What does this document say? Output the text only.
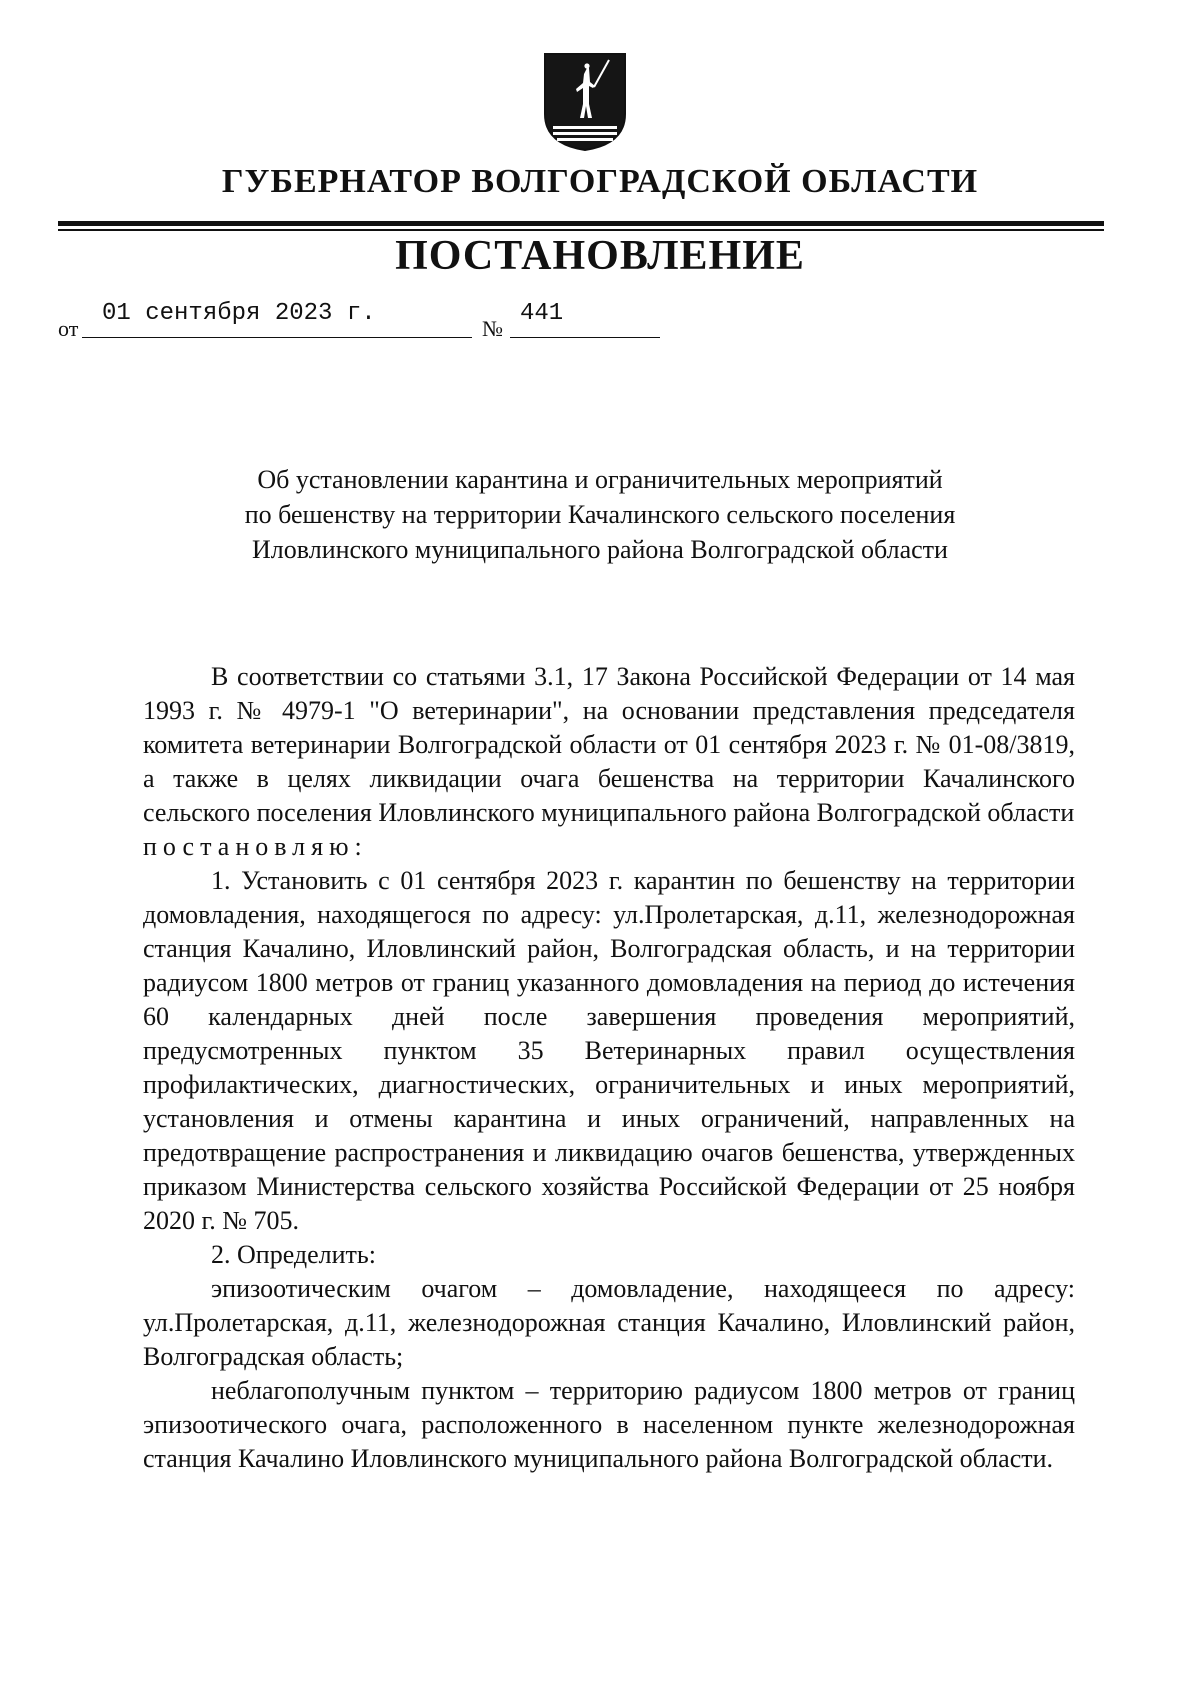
ГУБЕРНАТОР ВОЛГОГРАДСКОЙ ОБЛАСТИ
ПОСТАНОВЛЕНИЕ
от
01 сентября 2023 г.
№
441
Об установлении карантина и ограничительных мероприятий
по бешенству на территории Качалинского сельского поселения
Иловлинского муниципального района Волгоградской области

В соответствии со статьями 3.1, 17 Закона Российской Федерации от 14 мая 1993 г. № 4979-1 "О ветеринарии", на основании представления председателя комитета ветеринарии Волгоградской области от 01 сентября 2023 г. № 01-08/3819, а также в целях ликвидации очага бешенства на территории Качалинского сельского поселения Иловлинского муниципального района Волгоградской области

постановляю:

1. Установить с 01 сентября 2023 г. карантин по бешенству на территории домовладения, находящегося по адресу: ул.Пролетарская, д.11, железнодорожная станция Качалино, Иловлинский район, Волгоградская область, и на территории радиусом 1800 метров от границ указанного домовладения на период до истечения 60 календарных дней после завершения проведения мероприятий, предусмотренных пунктом 35 Ветеринарных правил осуществления профилактических, диагностических, ограничительных и иных мероприятий, установления и отмены карантина и иных ограничений, направленных на предотвращение распространения и ликвидацию очагов бешенства, утвержденных приказом Министерства сельского хозяйства Российской Федерации от 25 ноября 2020 г. № 705.

2. Определить:

эпизоотическим очагом – домовладение, находящееся по адресу: ул.Пролетарская, д.11, железнодорожная станция Качалино, Иловлинский район, Волгоградская область;

неблагополучным пунктом – территорию радиусом 1800 метров от границ эпизоотического очага, расположенного в населенном пункте железнодорожная станция Качалино Иловлинского муниципального района Волгоградской области.
